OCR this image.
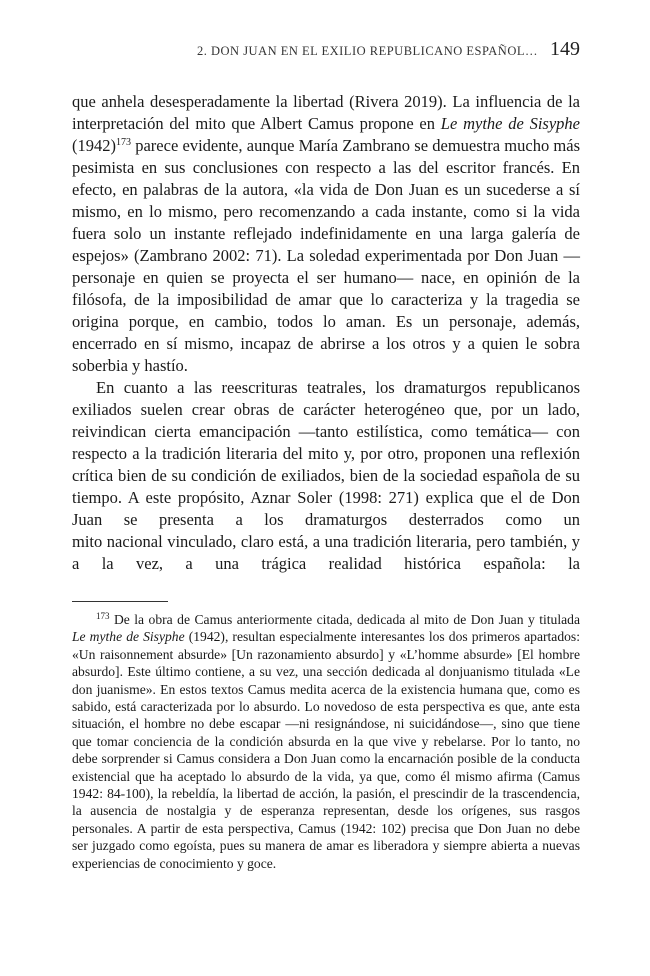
2. DON JUAN EN EL EXILIO REPUBLICANO ESPAÑOL… 149

que anhela desesperadamente la libertad (Rivera 2019). La influencia de la interpretación del mito que Albert Camus propone en Le mythe de Sisyphe $(1942)^{173}$ parece evidente, aunque María Zambrano se demuestra mucho más pesimista en sus conclusiones con respecto a las del escritor francés. En efecto, en palabras de la autora, «la vida de Don Juan es un sucederse a sí mismo, en lo mismo, pero recomenzando a cada instante, como si la vida fuera solo un instante reflejado indefinidamente en una larga galería de espejos» (Zambrano 2002: 71). La soledad experimentada por Don Juan —personaje en quien se proyecta el ser humano— nace, en opinión de la filósofa, de la imposibilidad de amar que lo caracteriza y la tragedia se origina porque, en cambio, todos lo aman. Es un personaje, además, encerrado en sí mismo, incapaz de abrirse a los otros y a quien le sobra soberbia y hastío.

En cuanto a las reescrituras teatrales, los dramaturgos republicanos exiliados suelen crear obras de carácter heterogéneo que, por un lado, reivindican cierta emancipación —tanto estilística, como temática— con respecto a la tradición literaria del mito y, por otro, proponen una reflexión crítica bien de su condición de exiliados, bien de la sociedad española de su tiempo. A este propósito, Aznar Soler (1998: 271) explica que el de Don Juan se presenta a los dramaturgos desterrados como un

mito nacional vinculado, claro está, a una tradición literaria, pero también, y a la vez, a una trágica realidad histórica española: la

$^{173}$ De la obra de Camus anteriormente citada, dedicada al mito de Don Juan y titulada Le mythe de Sisyphe (1942), resultan especialmente interesantes los dos primeros apartados: «Un raisonnement absurde» [Un razonamiento absurdo] y «L’homme absurde» [El hombre absurdo]. Este último contiene, a su vez, una sección dedicada al donjuanismo titulada «Le don juanisme». En estos textos Camus medita acerca de la existencia humana que, como es sabido, está caracterizada por lo absurdo. Lo novedoso de esta perspectiva es que, ante esta situación, el hombre no debe escapar —ni resignándose, ni suicidándose—, sino que tiene que tomar conciencia de la condición absurda en la que vive y rebelarse. Por lo tanto, no debe sorprender si Camus considera a Don Juan como la encarnación posible de la conducta existencial que ha aceptado lo absurdo de la vida, ya que, como él mismo afirma (Camus 1942: 84-100), la rebeldía, la libertad de acción, la pasión, el prescindir de la trascendencia, la ausencia de nostalgia y de esperanza representan, desde los orígenes, sus rasgos personales. A partir de esta perspectiva, Camus (1942: 102) precisa que Don Juan no debe ser juzgado como egoísta, pues su manera de amar es liberadora y siempre abierta a nuevas experiencias de conocimiento y goce.
